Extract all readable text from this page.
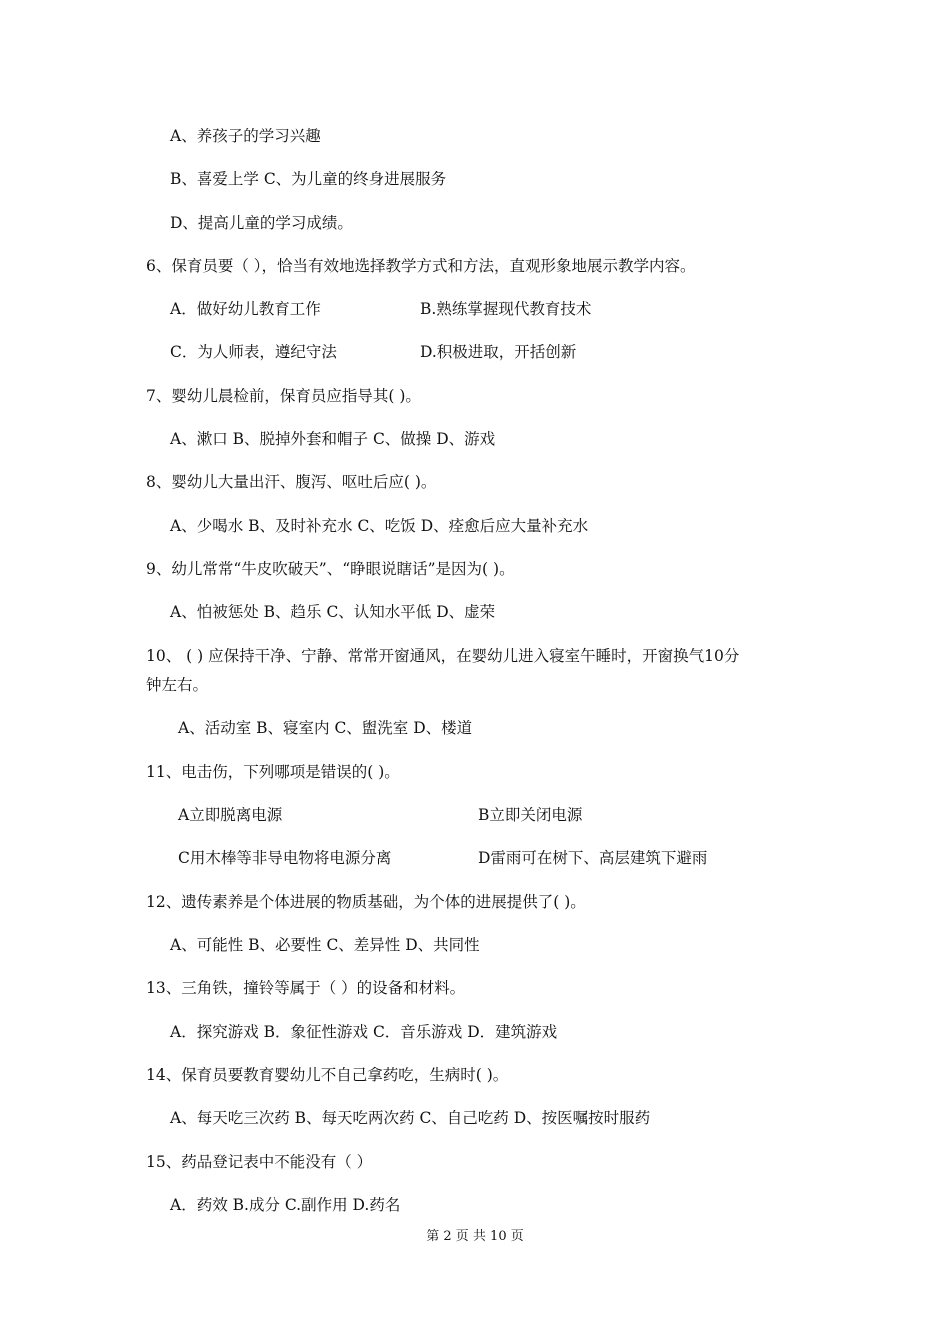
A、养孩子的学习兴趣
B、喜爱上学 C、为儿童的终身进展服务
D、提高儿童的学习成绩。
6、保育员要（ ），恰当有效地选择教学方式和方法，直观形象地展示教学内容。
A．做好幼儿教育工作	B.熟练掌握现代教育技术
C．为人师表，遵纪守法	D.积极进取，开括创新
7、婴幼儿晨检前，保育员应指导其( )。
A、漱口 B、脱掉外套和帽子 C、做操 D、游戏
8、婴幼儿大量出汗、腹泻、呕吐后应( )。
A、少喝水 B、及时补充水 C、吃饭 D、痊愈后应大量补充水
9、幼儿常常“牛皮吹破天”、“睁眼说瞎话”是因为( )。
A、怕被惩处 B、趋乐 C、认知水平低 D、虚荣
10、 ( ) 应保持干净、宁静、常常开窗通风，在婴幼儿进入寝室午睡时，开窗换气10分
钟左右。
A、活动室 B、寝室内 C、盥洗室 D、楼道
11、电击伤，下列哪项是错误的( )。
A立即脱离电源	B立即关闭电源
C用木棒等非导电物将电源分离	D雷雨可在树下、高层建筑下避雨
12、遗传素养是个体进展的物质基础，为个体的进展提供了( )。
A、可能性 B、必要性 C、差异性 D、共同性
13、三角铁，撞铃等属于（ ）的设备和材料。
A．探究游戏 B．象征性游戏 C．音乐游戏 D．建筑游戏
14、保育员要教育婴幼儿不自己拿药吃，生病时( )。
A、每天吃三次药 B、每天吃两次药 C、自己吃药 D、按医嘱按时服药
15、药品登记表中不能没有（ ）
A．药效 B.成分 C.副作用 D.药名
第 2 页 共 10 页
